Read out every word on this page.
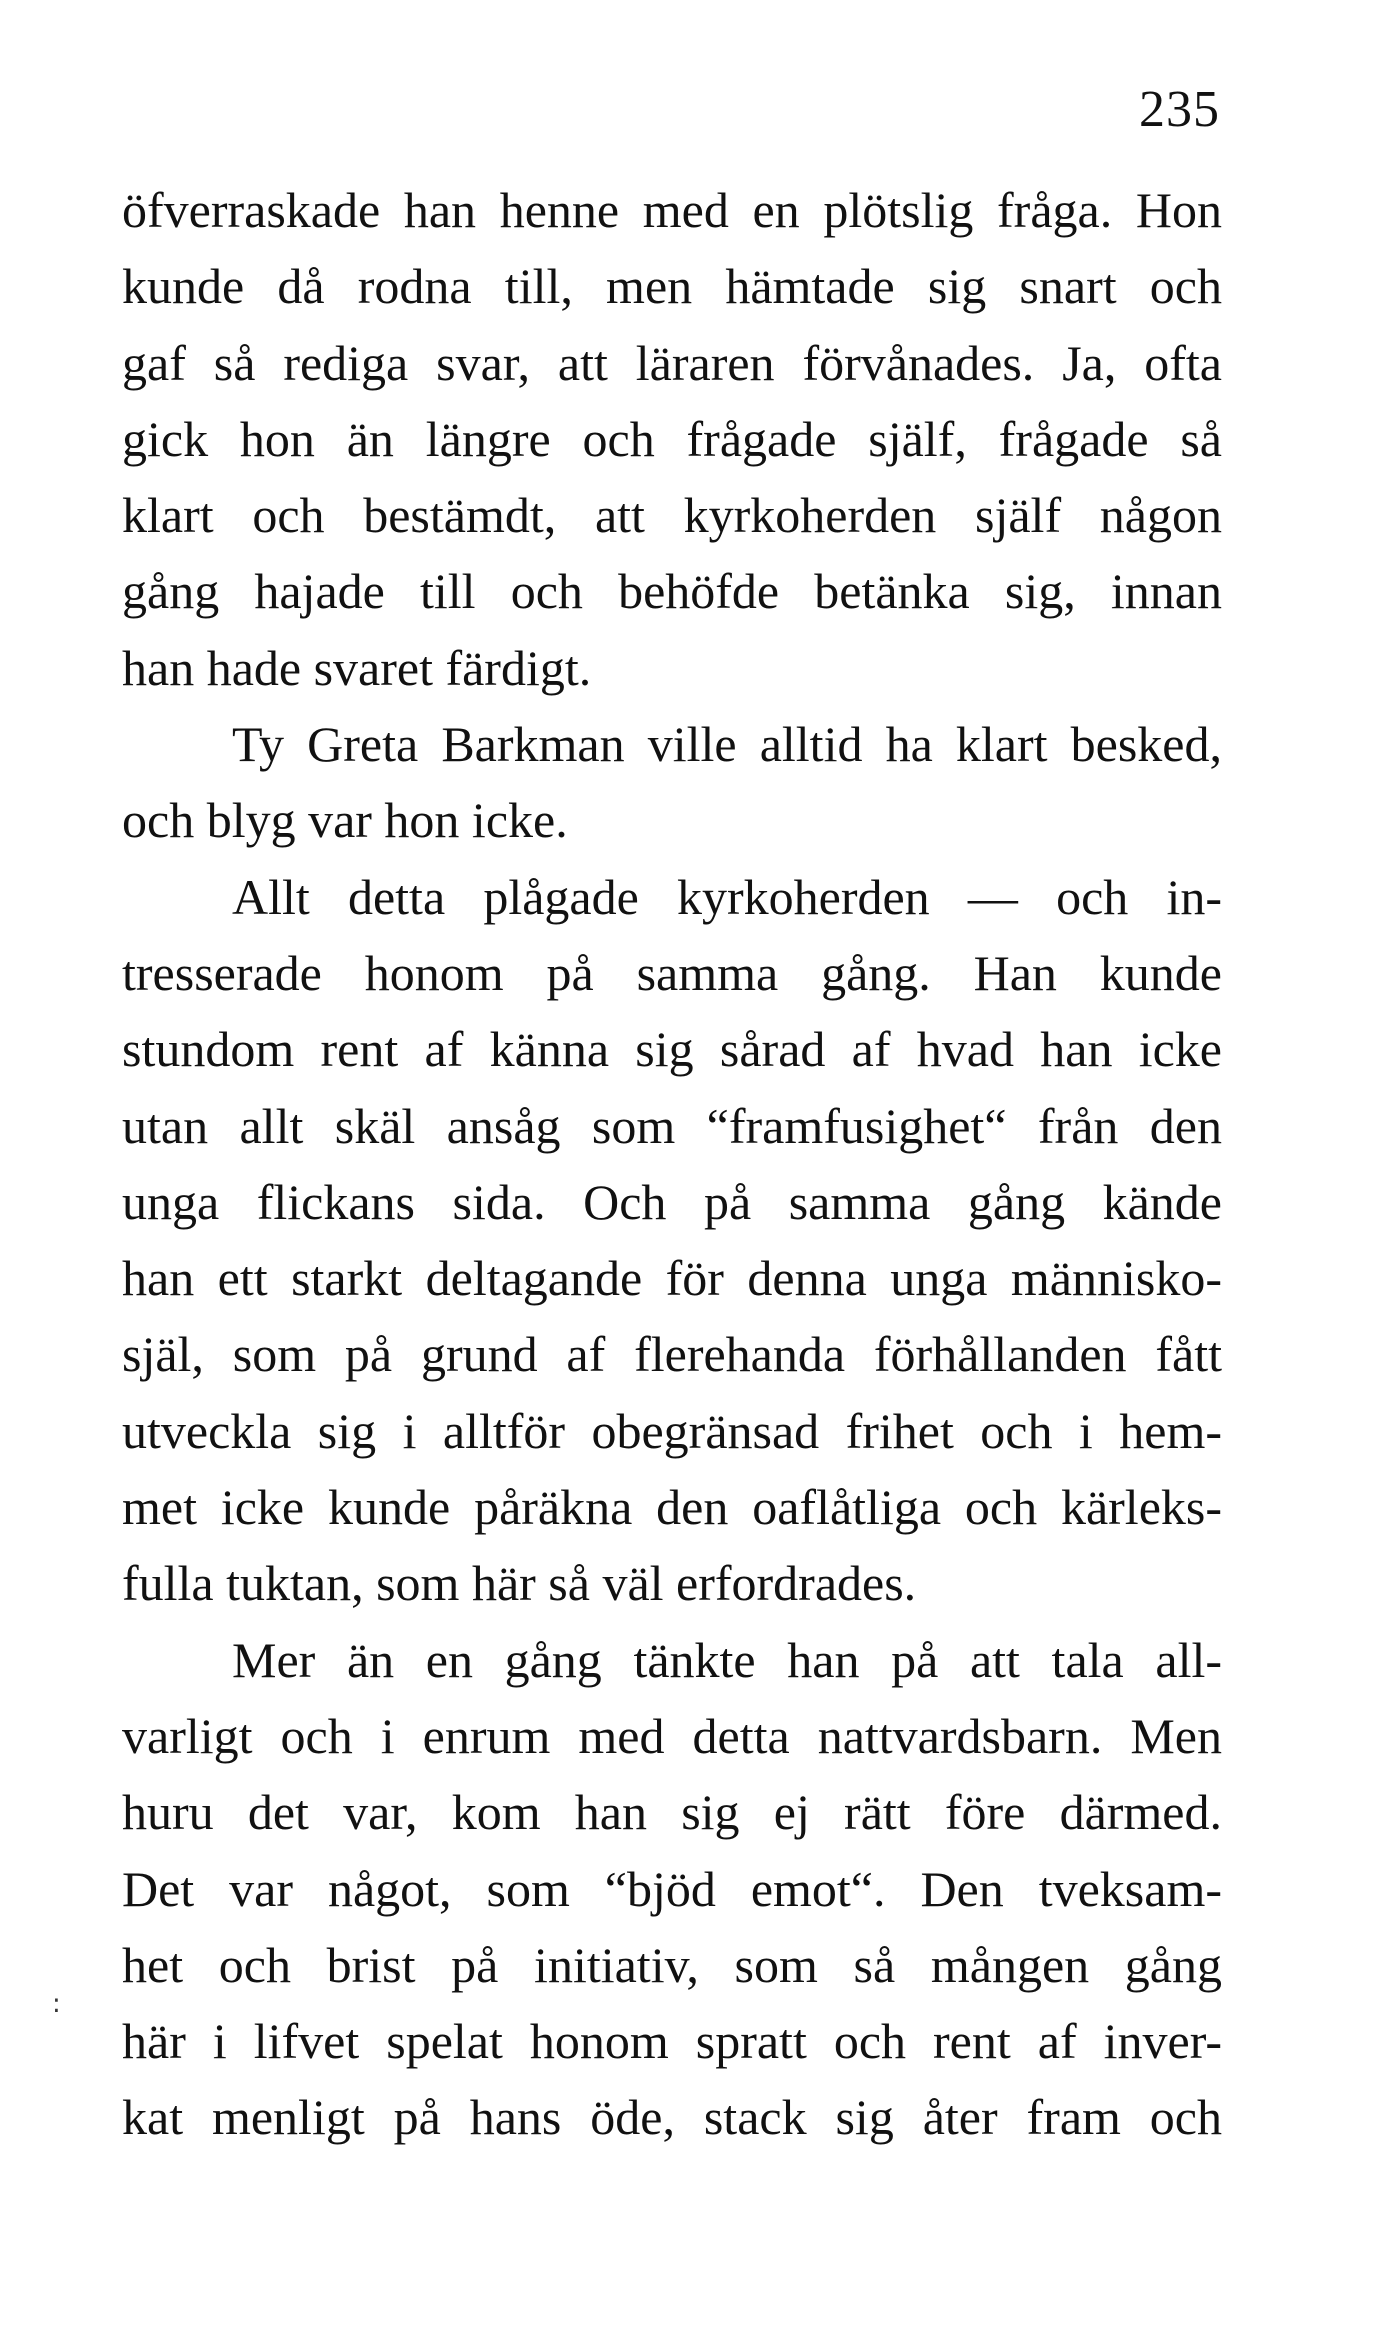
235
:
öfverraskade han henne med en plötslig fråga. Hon
kunde då rodna till, men hämtade sig snart och
gaf så rediga svar, att läraren förvånades. Ja, ofta
gick hon än längre och frågade själf, frågade så
klart och bestämdt, att kyrkoherden själf någon
gång hajade till och behöfde betänka sig, innan
han hade svaret färdigt.
Ty Greta Barkman ville alltid ha klart besked,
och blyg var hon icke.
Allt detta plågade kyrkoherden — och in-
tresserade honom på samma gång. Han kunde
stundom rent af känna sig sårad af hvad han icke
utan allt skäl ansåg som “framfusighet“ från den
unga flickans sida. Och på samma gång kände
han ett starkt deltagande för denna unga människo-
själ, som på grund af flerehanda förhållanden fått
utveckla sig i alltför obegränsad frihet och i hem-
met icke kunde påräkna den oaflåtliga och kärleks-
fulla tuktan, som här så väl erfordrades.
Mer än en gång tänkte han på att tala all-
varligt och i enrum med detta nattvardsbarn. Men
huru det var, kom han sig ej rätt före därmed.
Det var något, som “bjöd emot“. Den tveksam-
het och brist på initiativ, som så mången gång
här i lifvet spelat honom spratt och rent af inver-
kat menligt på hans öde, stack sig åter fram och
